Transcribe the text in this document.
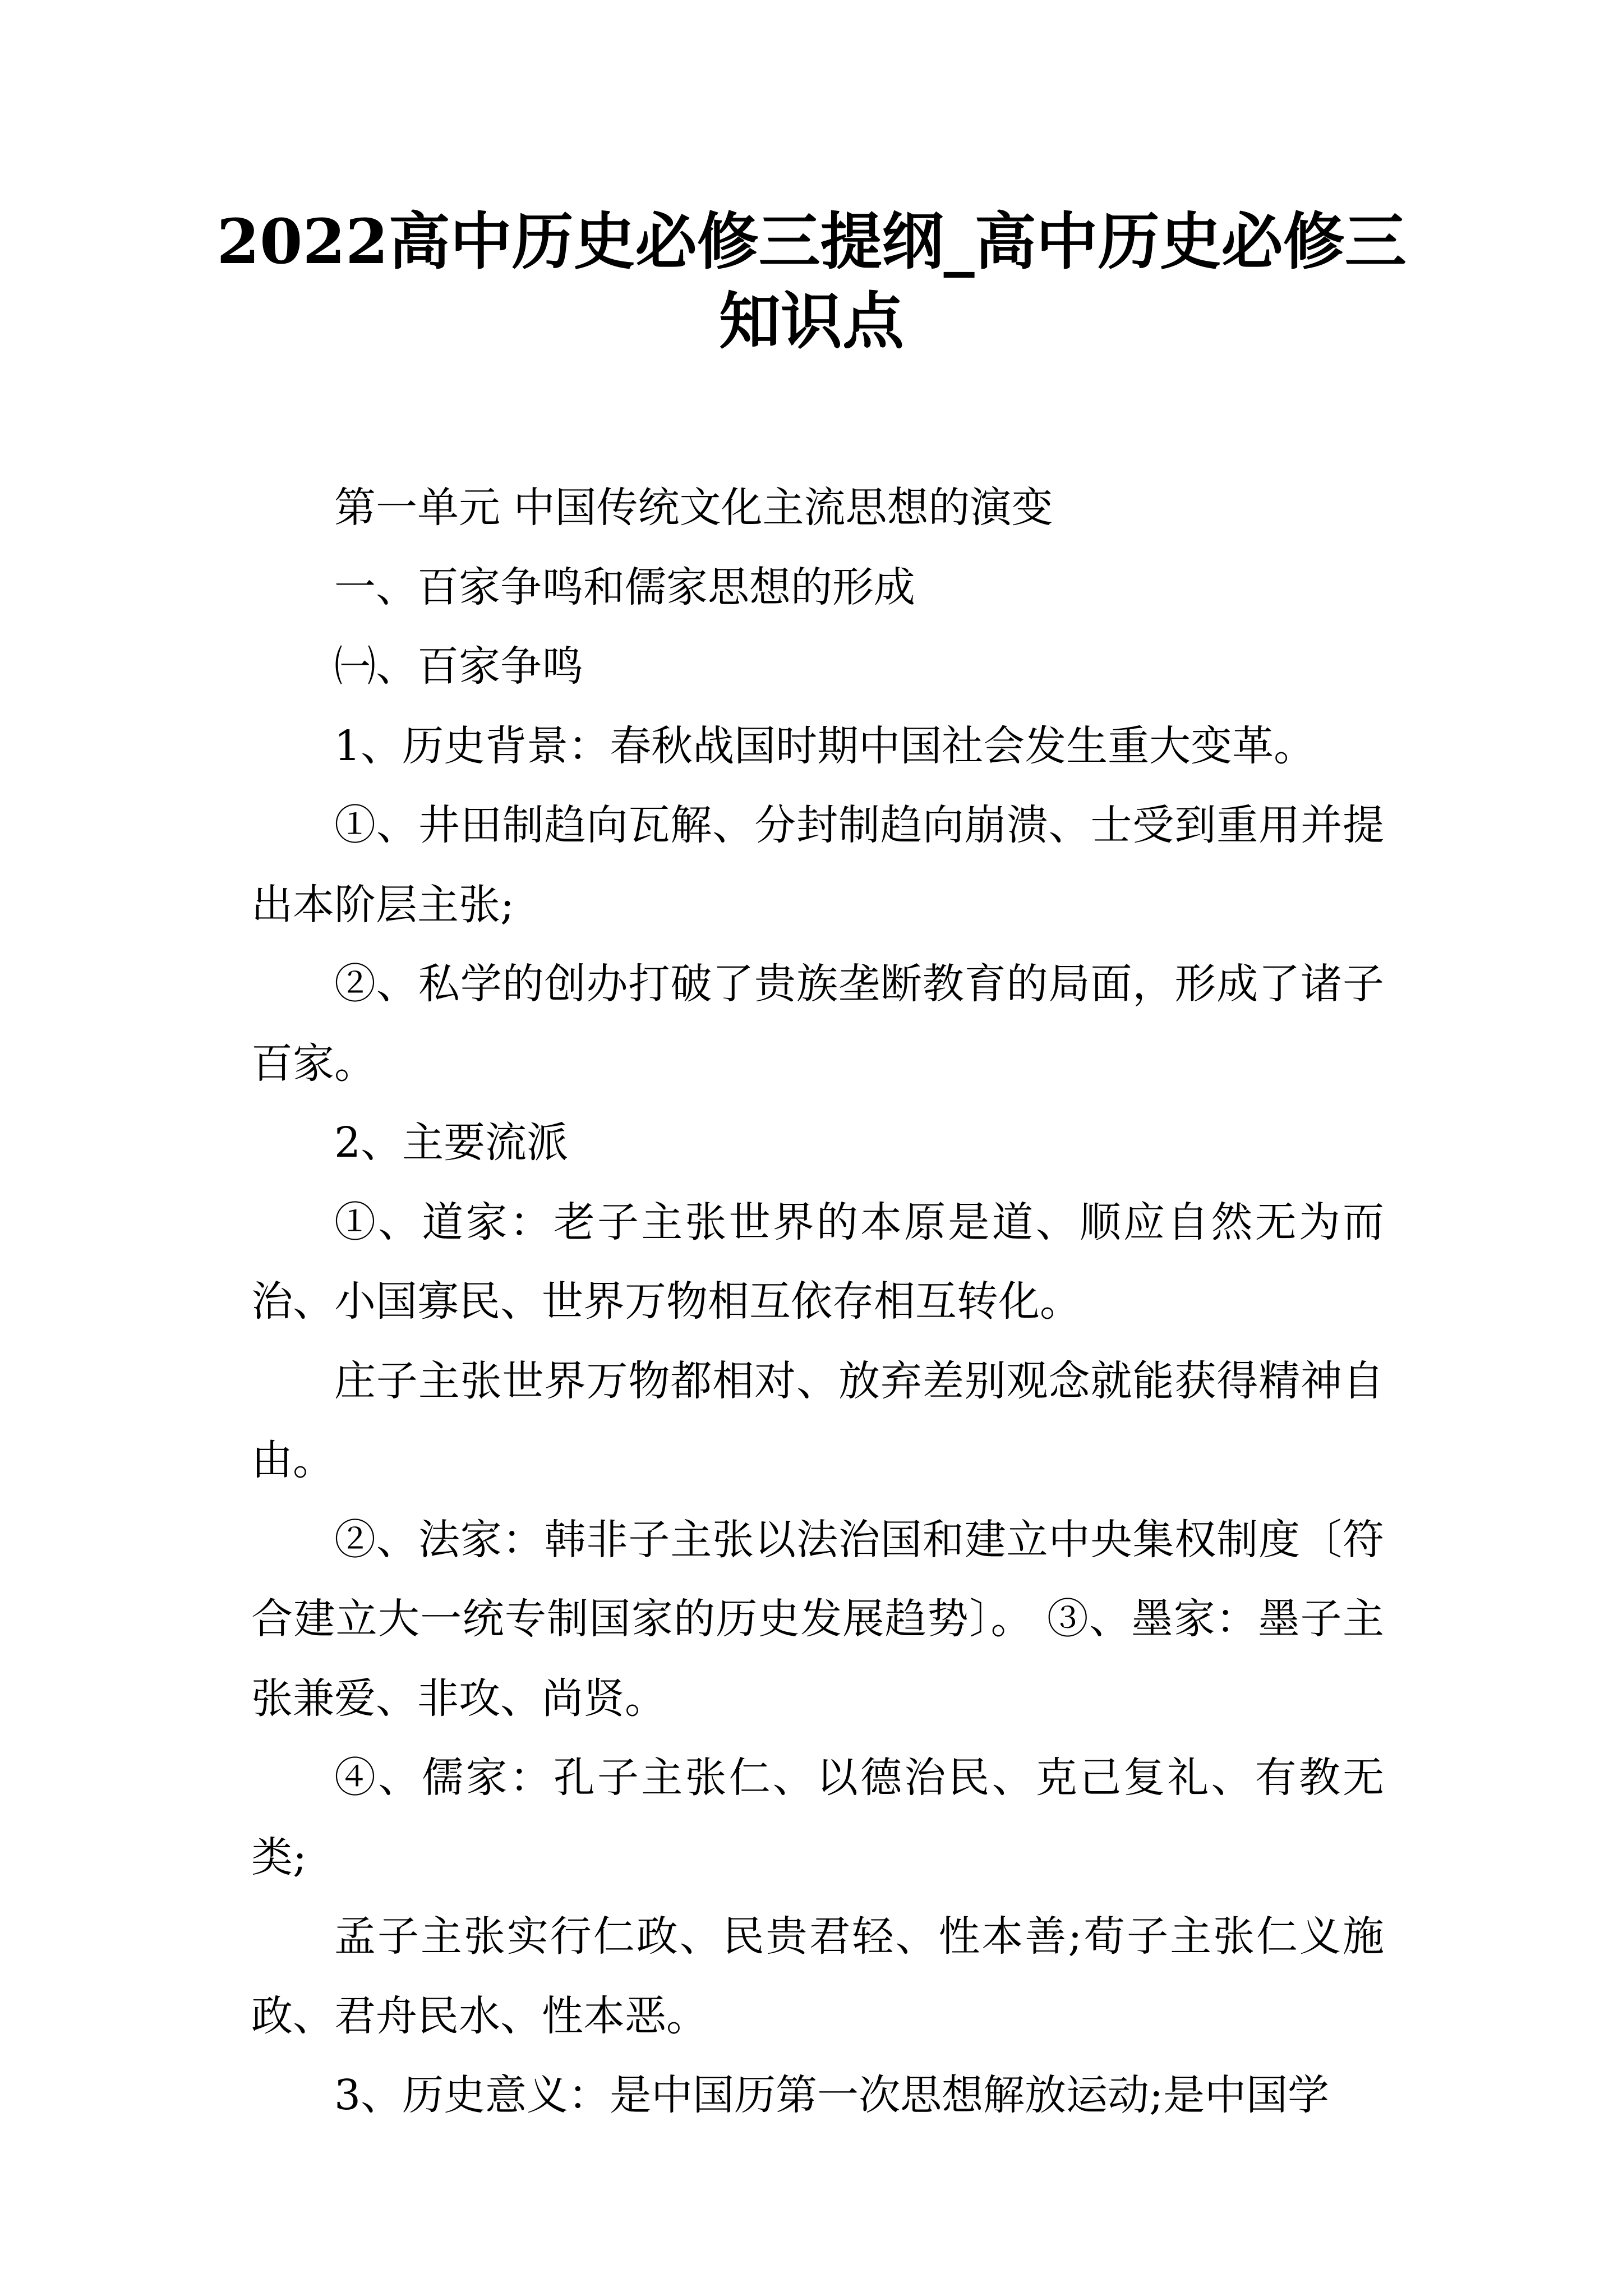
2022高中历史必修三提纲_高中历史必修三
知识点

第一单元 中国传统文化主流思想的演变

一、百家争鸣和儒家思想的形成

㈠、百家争鸣

1、历史背景：春秋战国时期中国社会发生重大变革。

①、井田制趋向瓦解、分封制趋向崩溃、士受到重用并提出本阶层主张;

②、私学的创办打破了贵族垄断教育的局面，形成了诸子百家。

2、主要流派

①、道家：老子主张世界的本原是道、顺应自然无为而治、小国寡民、世界万物相互依存相互转化。

庄子主张世界万物都相对、放弃差别观念就能获得精神自由。

②、法家：韩非子主张以法治国和建立中央集权制度〔符合建立大一统专制国家的历史发展趋势〕。 ③、墨家：墨子主张兼爱、非攻、尚贤。

④、儒家：孔子主张仁、以德治民、克己复礼、有教无类;

孟子主张实行仁政、民贵君轻、性本善;荀子主张仁义施政、君舟民水、性本恶。

3、历史意义：是中国历第一次思想解放运动;是中国学
